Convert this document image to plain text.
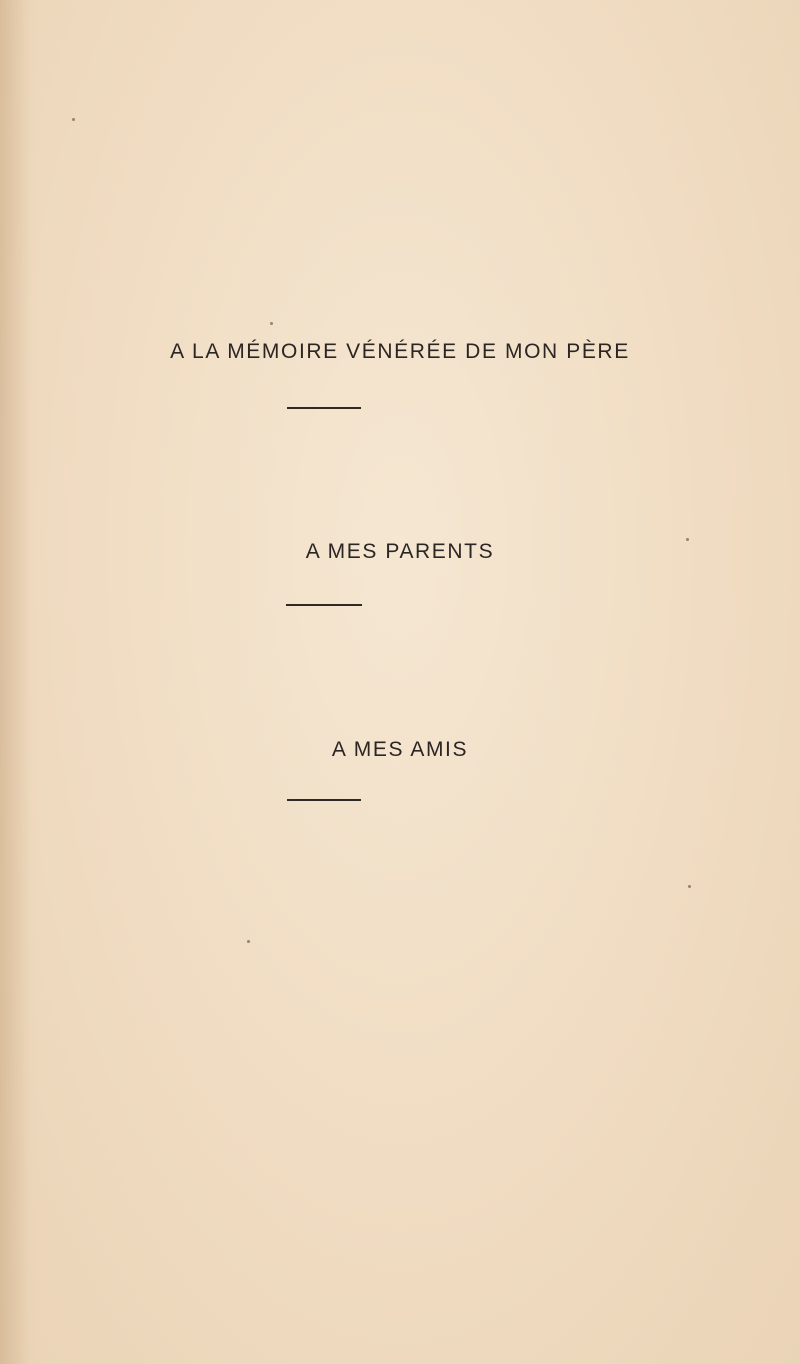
A LA MÉMOIRE VÉNÉRÉE DE MON PÈRE
A MES PARENTS
A MES AMIS
